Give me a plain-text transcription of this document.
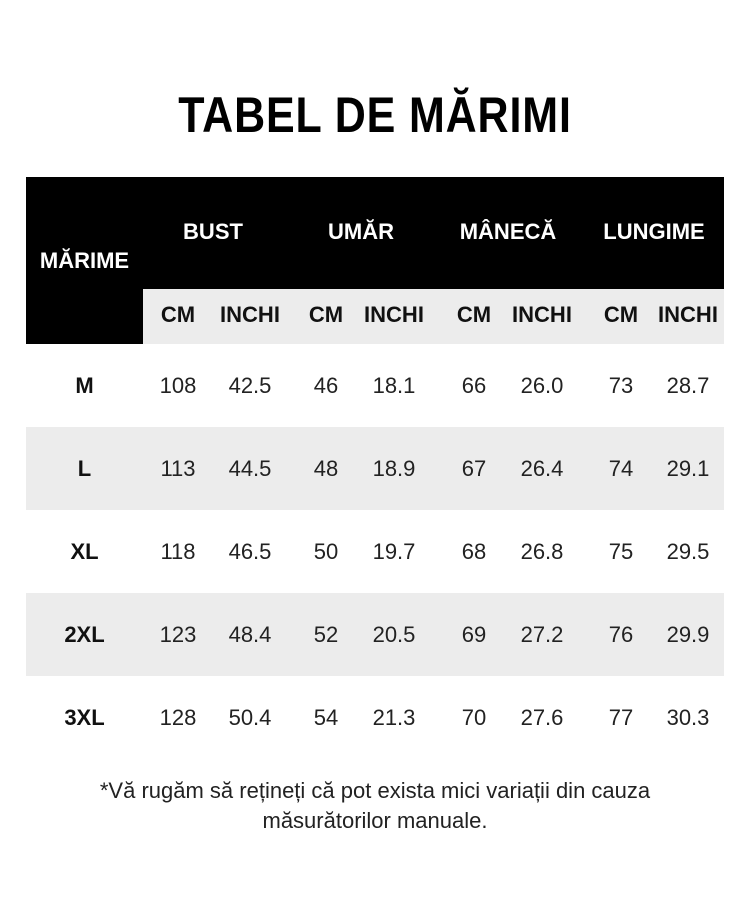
TABEL DE MĂRIMI
MĂRIME
BUST	UMĂR	MÂNECĂ	LUNGIME
CM	INCHI	CM INCHI	CM INCHI	CM INCHI
M	108	42.5	46	18.1	66	26.0	73	28.7
L	113	44.5	48	18.9	67	26.4	74	29.1
XL	118	46.5	50	19.7	68	26.8	75	29.5
2XL	123	48.4	52	20.5	69	27.2	76	29.9
3XL	128	50.4	54	21.3	70	27.6	77	30.3
*Vă rugăm să rețineți că pot exista mici variații din cauza măsurătorilor manuale.
